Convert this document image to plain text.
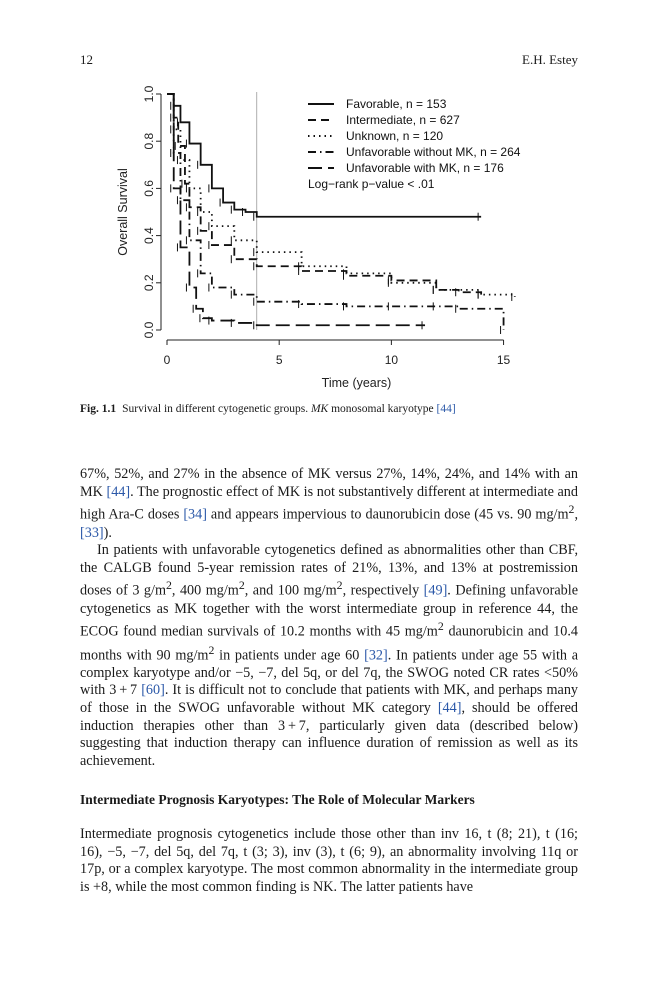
12	E.H. Estey
0.0
0.2
0.4
0.6
0.8
1.0
0	5	10	15
Time (years)
Overall Survival
Favorable, n = 153
Intermediate, n = 627
Unknown, n = 120
Unfavorable without MK, n = 264
Unfavorable with MK, n = 176
Log−rank p−value < .01
Fig. 1.1 Survival in different cytogenetic groups. MK monosomal karyotype [44]

67%, 52%, and 27% in the absence of MK versus 27%, 14%, 24%, and 14% with an MK [44]. The prognostic effect of MK is not substantively different at intermediate and high Ara-C doses [34] and appears impervious to daunorubicin dose (45 vs. 90 $mg/m^2$, [33]).

In patients with unfavorable cytogenetics defined as abnormalities other than CBF, the CALGB found 5-year remission rates of 21%, 13%, and 13% at postremission doses of 3 $g/m^2$, 400 $mg/m^2$, and 100 $mg/m^2$, respectively [49]. Defining unfavorable cytogenetics as MK together with the worst intermediate group in reference 44, the ECOG found median survivals of 10.2 months with 45 $mg/m^2$ daunorubicin and 10.4 months with 90 $mg/m^2$ in patients under age 60 [32]. In patients under age 55 with a complex karyotype and/or −5, −7, del 5q, or del 7q, the SWOG noted CR rates <50% with 3 + 7 [60]. It is difficult not to conclude that patients with MK, and perhaps many of those in the SWOG unfavorable without MK category [44], should be offered induction therapies other than 3 + 7, particularly given data (described below) suggesting that induction therapy can influence duration of remission as well as its achievement.

Intermediate Prognosis Karyotypes: The Role of Molecular Markers

Intermediate prognosis cytogenetics include those other than inv 16, t (8; 21), t (16; 16), −5, −7, del 5q, del 7q, t (3; 3), inv (3), t (6; 9), an abnormality involving 11q or 17p, or a complex karyotype. The most common abnormality in the intermediate group is +8, while the most common finding is NK. The latter patients have
